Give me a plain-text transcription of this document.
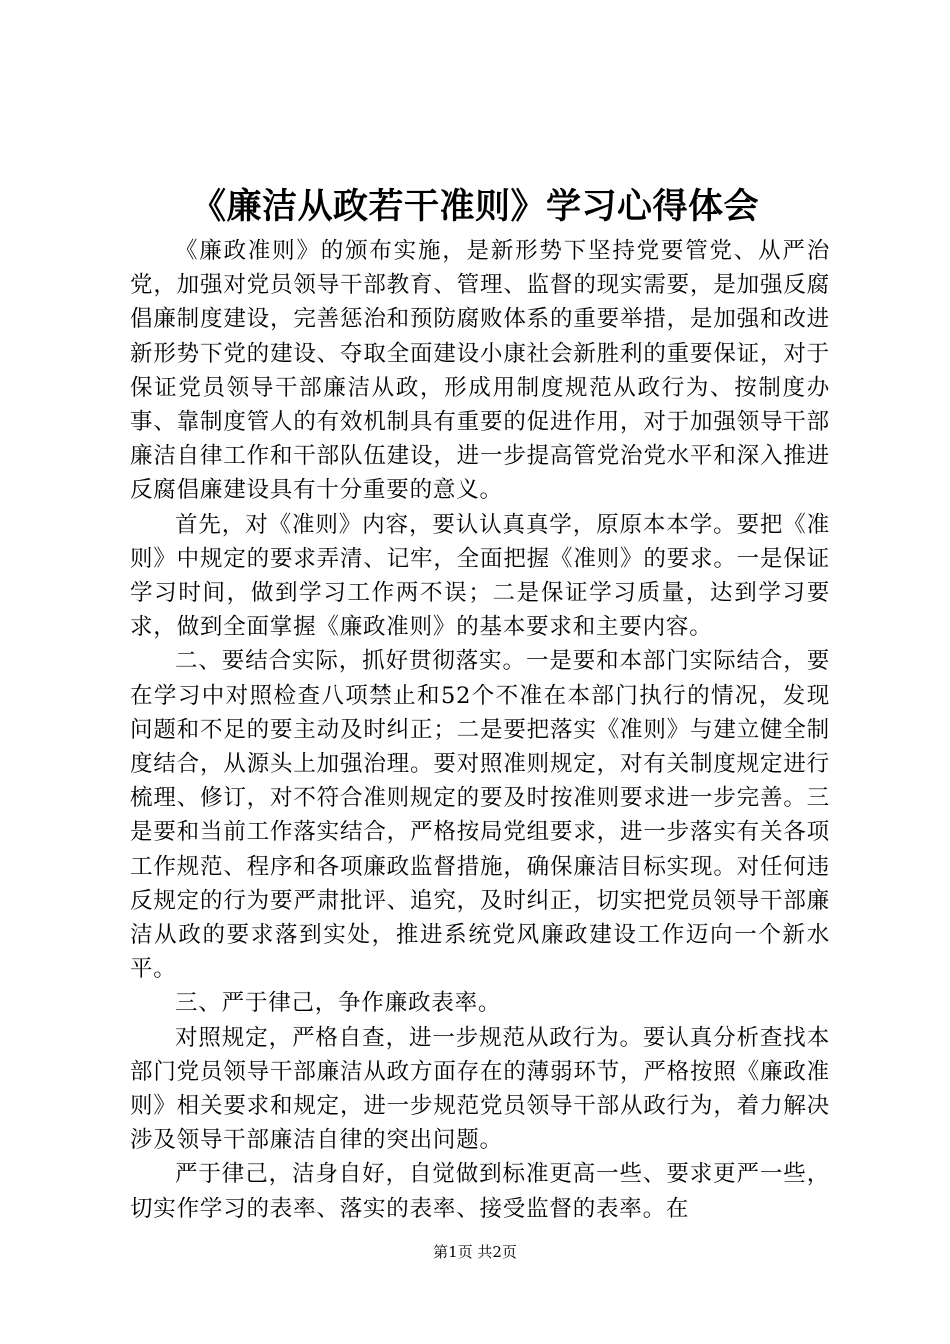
《廉洁从政若干准则》学习心得体会

《廉政准则》的颁布实施，是新形势下坚持党要管党、从严治党，加强对党员领导干部教育、管理、监督的现实需要，是加强反腐倡廉制度建设，完善惩治和预防腐败体系的重要举措，是加强和改进新形势下党的建设、夺取全面建设小康社会新胜利的重要保证，对于保证党员领导干部廉洁从政，形成用制度规范从政行为、按制度办事、靠制度管人的有效机制具有重要的促进作用，对于加强领导干部廉洁自律工作和干部队伍建设，进一步提高管党治党水平和深入推进反腐倡廉建设具有十分重要的意义。

首先，对《准则》内容，要认认真真学，原原本本学。要把《准则》中规定的要求弄清、记牢，全面把握《准则》的要求。一是保证学习时间，做到学习工作两不误；二是保证学习质量，达到学习要求，做到全面掌握《廉政准则》的基本要求和主要内容。

二、要结合实际，抓好贯彻落实。一是要和本部门实际结合，要在学习中对照检查八项禁止和52个不准在本部门执行的情况，发现问题和不足的要主动及时纠正；二是要把落实《准则》与建立健全制度结合，从源头上加强治理。要对照准则规定，对有关制度规定进行梳理、修订，对不符合准则规定的要及时按准则要求进一步完善。三是要和当前工作落实结合，严格按局党组要求，进一步落实有关各项工作规范、程序和各项廉政监督措施，确保廉洁目标实现。对任何违反规定的行为要严肃批评、追究，及时纠正，切实把党员领导干部廉洁从政的要求落到实处，推进系统党风廉政建设工作迈向一个新水平。

三、严于律己，争作廉政表率。

对照规定，严格自查，进一步规范从政行为。要认真分析查找本部门党员领导干部廉洁从政方面存在的薄弱环节，严格按照《廉政准则》相关要求和规定，进一步规范党员领导干部从政行为，着力解决涉及领导干部廉洁自律的突出问题。

严于律己，洁身自好，自觉做到标准更高一些、要求更严一些，切实作学习的表率、落实的表率、接受监督的表率。在

第1页 共2页
